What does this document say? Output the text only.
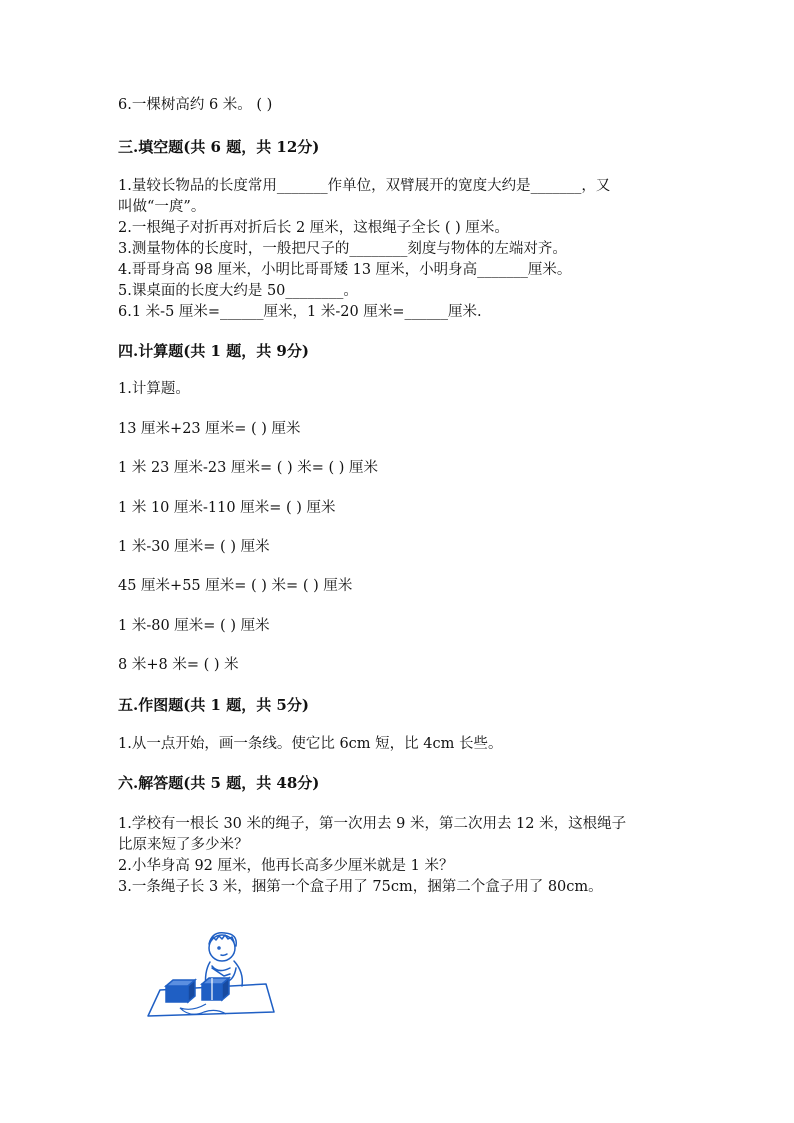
6.一棵树高约 6 米。 ( )
三.填空题(共 6 题，共 12分)
1.量较长物品的长度常用_______作单位，双臂展开的宽度大约是_______，又
叫做“一庹”。
2.一根绳子对折再对折后长 2 厘米，这根绳子全长 ( ) 厘米。
3.测量物体的长度时，一般把尺子的________刻度与物体的左端对齐。
4.哥哥身高 98 厘米，小明比哥哥矮 13 厘米，小明身高_______厘米。
5.课桌面的长度大约是 50________。
6.1 米-5 厘米=______厘米，1 米-20 厘米=______厘米.
四.计算题(共 1 题，共 9分)
1.计算题。
13 厘米+23 厘米= ( ) 厘米
1 米 23 厘米-23 厘米= ( ) 米= ( ) 厘米
1 米 10 厘米-110 厘米= ( ) 厘米
1 米-30 厘米= ( ) 厘米
45 厘米+55 厘米= ( ) 米= ( ) 厘米
1 米-80 厘米= ( ) 厘米
8 米+8 米= ( ) 米
五.作图题(共 1 题，共 5分)
1.从一点开始，画一条线。使它比 6cm 短，比 4cm 长些。
六.解答题(共 5 题，共 48分)
1.学校有一根长 30 米的绳子，第一次用去 9 米，第二次用去 12 米，这根绳子
比原来短了多少米？
2.小华身高 92 厘米，他再长高多少厘米就是 1 米？
3.一条绳子长 3 米，捆第一个盒子用了 75cm，捆第二个盒子用了 80cm。
